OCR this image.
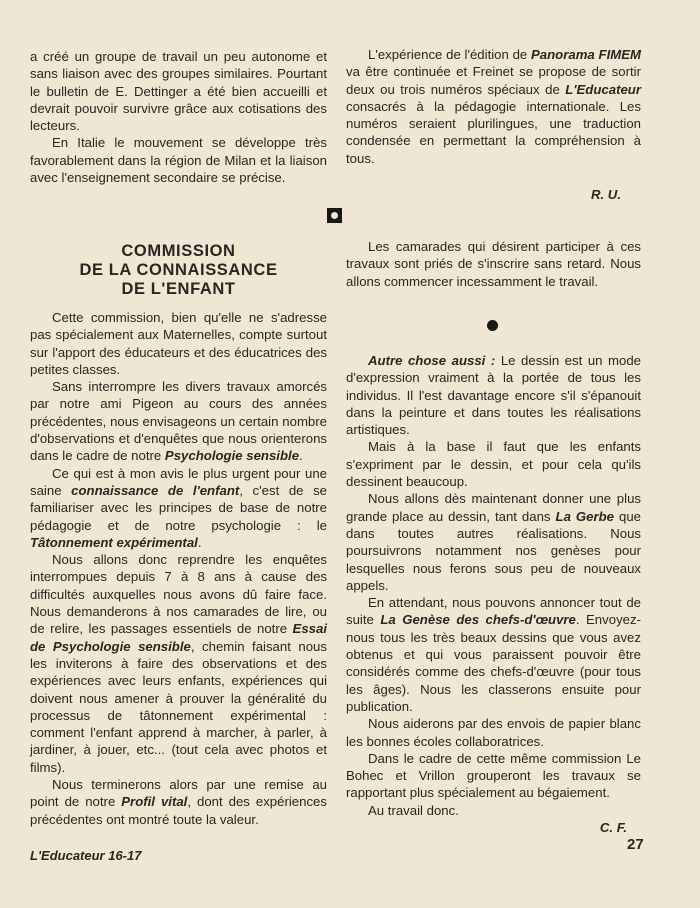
a créé un groupe de travail un peu autonome et sans liaison avec des groupes similaires. Pourtant le bulletin de E. Dettinger a été bien accueilli et devrait pouvoir survivre grâce aux cotisations des lecteurs.

En Italie le mouvement se développe très favorablement dans la région de Milan et la liaison avec l'enseignement secondaire se précise.

L'expérience de l'édition de Panorama FIMEM va être continuée et Freinet se propose de sortir deux ou trois numéros spéciaux de L'Educateur consacrés à la pédagogie internationale. Les numéros seraient plurilingues, une traduction condensée en permettant la compréhension à tous.

R. U.

COMMISSION

DE LA CONNAISSANCE

DE L'ENFANT

Cette commission, bien qu'elle ne s'adresse pas spécialement aux Maternelles, compte surtout sur l'apport des éducateurs et des éducatrices des petites classes.

Sans interrompre les divers travaux amorcés par notre ami Pigeon au cours des années précédentes, nous envisageons un certain nombre d'observations et d'enquêtes que nous orienterons dans le cadre de notre Psychologie sensible.

Ce qui est à mon avis le plus urgent pour une saine connaissance de l'enfant, c'est de se familiariser avec les principes de base de notre pédagogie et de notre psychologie : le Tâtonnement expérimental.

Nous allons donc reprendre les enquêtes interrompues depuis 7 à 8 ans à cause des difficultés auxquelles nous avons dû faire face. Nous demanderons à nos camarades de lire, ou de relire, les passages essentiels de notre Essai de Psychologie sensible, chemin faisant nous les inviterons à faire des observations et des expériences avec leurs enfants, expériences qui doivent nous amener à prouver la généralité du processus de tâtonnement expérimental : comment l'enfant apprend à marcher, à parler, à jardiner, à jouer, etc... (tout cela avec photos et films).

Nous terminerons alors par une remise au point de notre Profil vital, dont des expériences précédentes ont montré toute la valeur.

Les camarades qui désirent participer à ces travaux sont priés de s'inscrire sans retard. Nous allons commencer incessamment le travail.

Autre chose aussi : Le dessin est un mode d'expression vraiment à la portée de tous les individus. Il l'est davantage encore s'il s'épanouit dans la peinture et dans toutes les réalisations artistiques.

Mais à la base il faut que les enfants s'expriment par le dessin, et pour cela qu'ils dessinent beaucoup.

Nous allons dès maintenant donner une plus grande place au dessin, tant dans La Gerbe que dans toutes autres réalisations. Nous poursuivrons notamment nos genèses pour lesquelles nous ferons sous peu de nouveaux appels.

En attendant, nous pouvons annoncer tout de suite La Genèse des chefs-d'œuvre. Envoyez-nous tous les très beaux dessins que vous avez obtenus et qui vous paraissent pouvoir être considérés comme des chefs-d'œuvre (pour tous les âges). Nous les classerons ensuite pour publication.

Nous aiderons par des envois de papier blanc les bonnes écoles collaboratrices.

Dans le cadre de cette même commission Le Bohec et Vrillon grouperont les travaux se rapportant plus spécialement au bégaiement.

Au travail donc.

C. F.

L'Educateur 16-17
27
